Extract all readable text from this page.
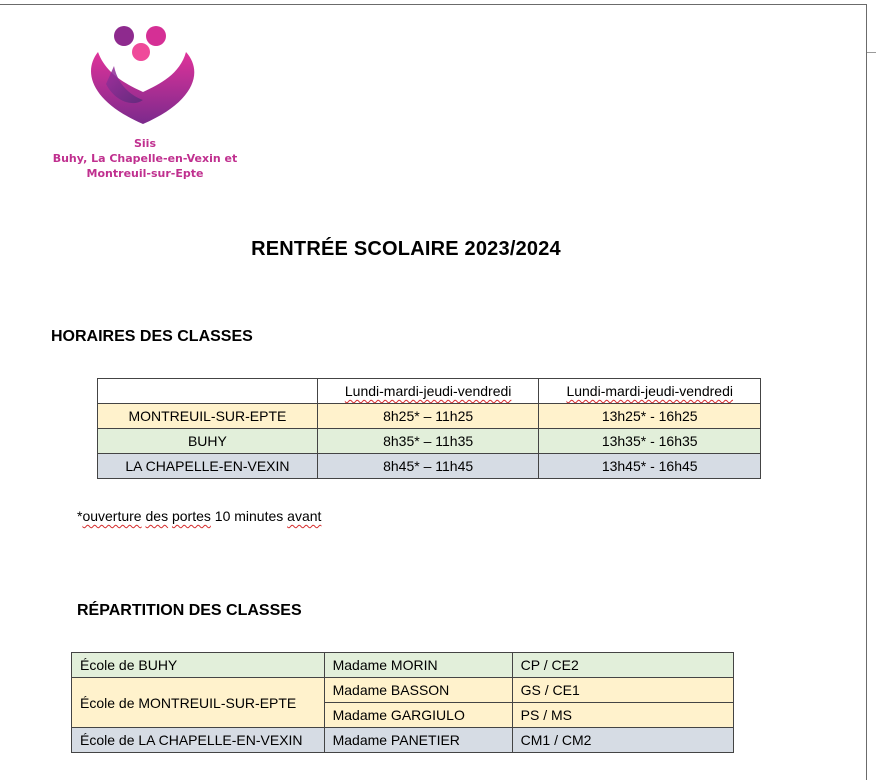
Siis
Buhy, La Chapelle-en-Vexin et
Montreuil-sur-Epte
RENTRÉE SCOLAIRE 2023/2024
HORAIRES DES CLASSES
	Lundi-mardi-jeudi-vendredi	Lundi-mardi-jeudi-vendredi
MONTREUIL-SUR-EPTE	8h25* – 11h25	13h25* - 16h25
BUHY	8h35* – 11h35	13h35* - 16h35
LA CHAPELLE-EN-VEXIN	8h45* – 11h45	13h45* - 16h45
*ouverture des portes 10 minutes avant
RÉPARTITION DES CLASSES
École de BUHY	Madame MORIN	CP / CE2
École de MONTREUIL-SUR-EPTE	Madame BASSON	GS / CE1
	Madame GARGIULO	PS / MS
École de LA CHAPELLE-EN-VEXIN	Madame PANETIER	CM1 / CM2
